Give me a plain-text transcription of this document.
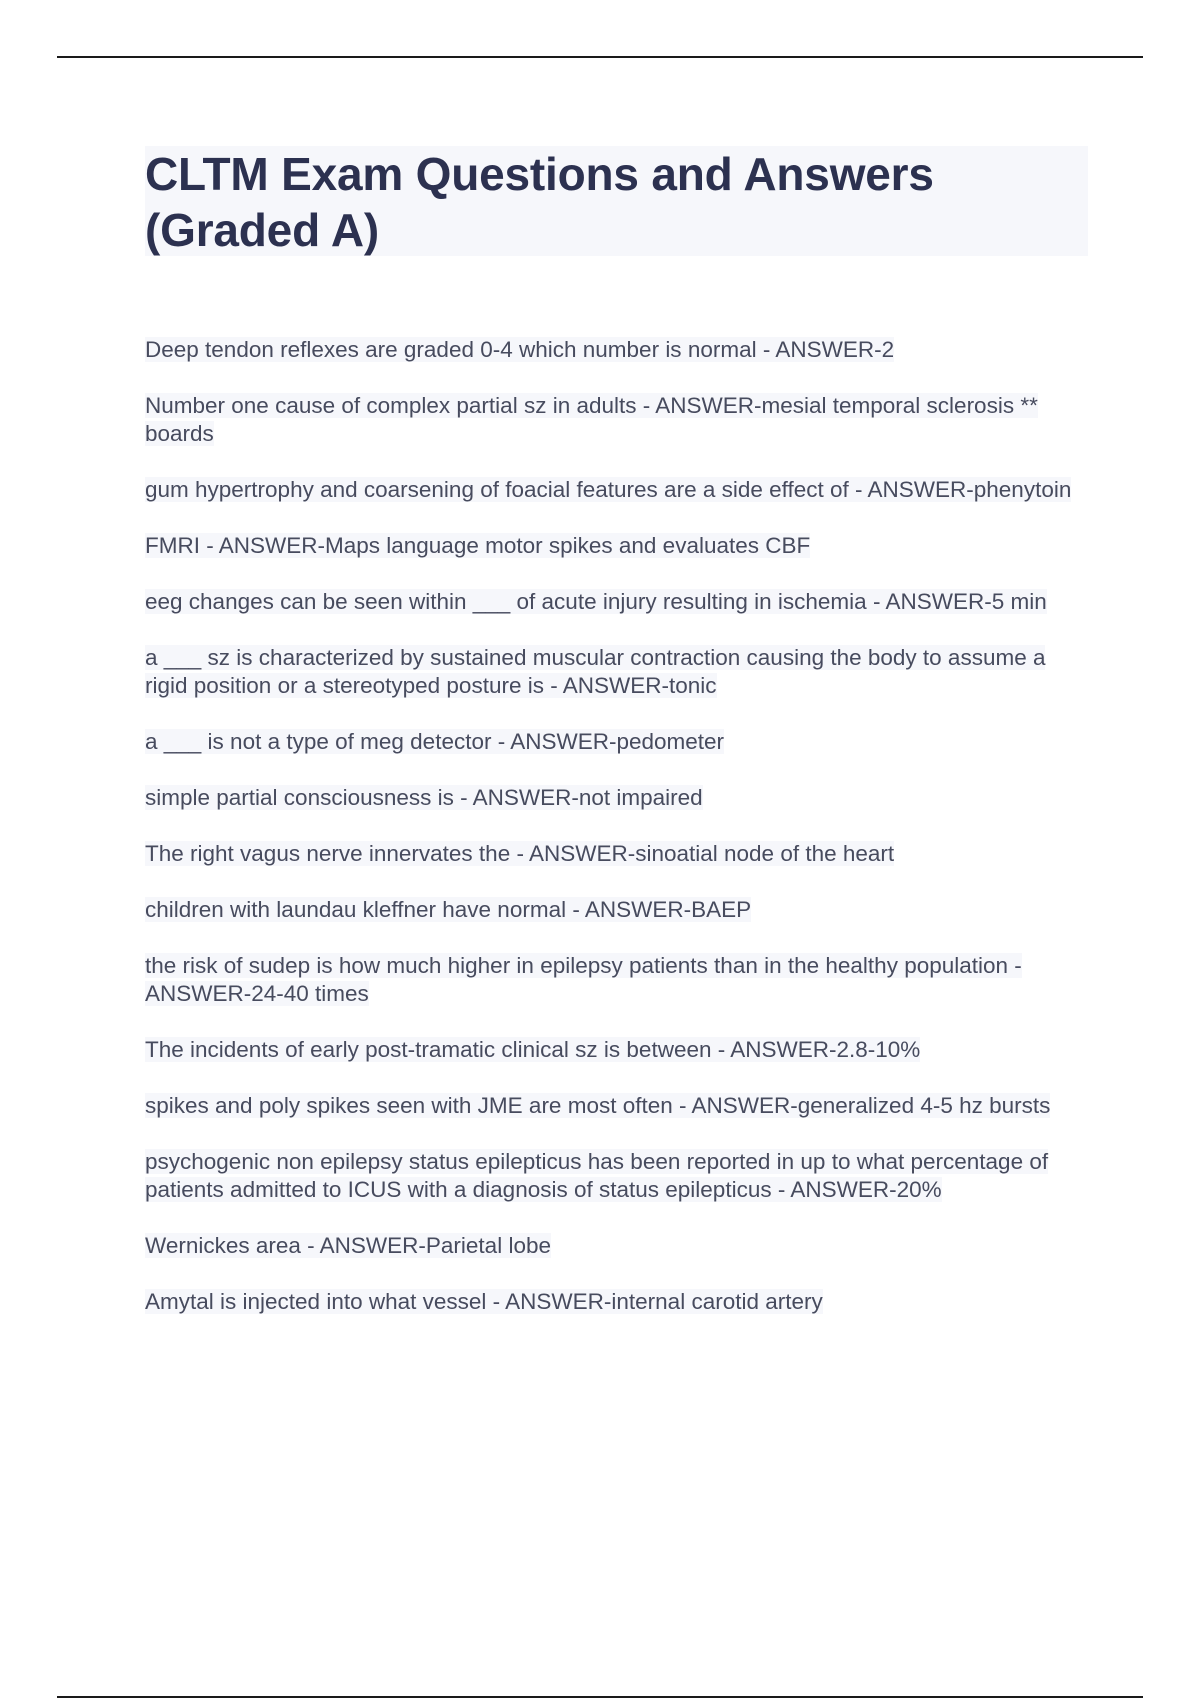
CLTM Exam Questions and Answers (Graded A)
Deep tendon reflexes are graded 0-4 which number is normal - ANSWER-2
Number one cause of complex partial sz in adults - ANSWER-mesial temporal sclerosis ** boards
gum hypertrophy and coarsening of foacial features are a side effect of - ANSWER-phenytoin
FMRI - ANSWER-Maps language motor spikes and evaluates CBF
eeg changes can be seen within ___ of acute injury resulting in ischemia - ANSWER-5 min
a ___ sz is characterized by sustained muscular contraction causing the body to assume a rigid position or a stereotyped posture is - ANSWER-tonic
a ___ is not a type of meg detector - ANSWER-pedometer
simple partial consciousness is - ANSWER-not impaired
The right vagus nerve innervates the - ANSWER-sinoatial node of the heart
children with laundau kleffner have normal - ANSWER-BAEP
the risk of sudep is how much higher in epilepsy patients than in the healthy population - ANSWER-24-40 times
The incidents of early post-tramatic clinical sz is between - ANSWER-2.8-10%
spikes and poly spikes seen with JME are most often - ANSWER-generalized 4-5 hz bursts
psychogenic non epilepsy status epilepticus has been reported in up to what percentage of patients admitted to ICUS with a diagnosis of status epilepticus - ANSWER-20%
Wernickes area - ANSWER-Parietal lobe
Amytal is injected into what vessel - ANSWER-internal carotid artery
